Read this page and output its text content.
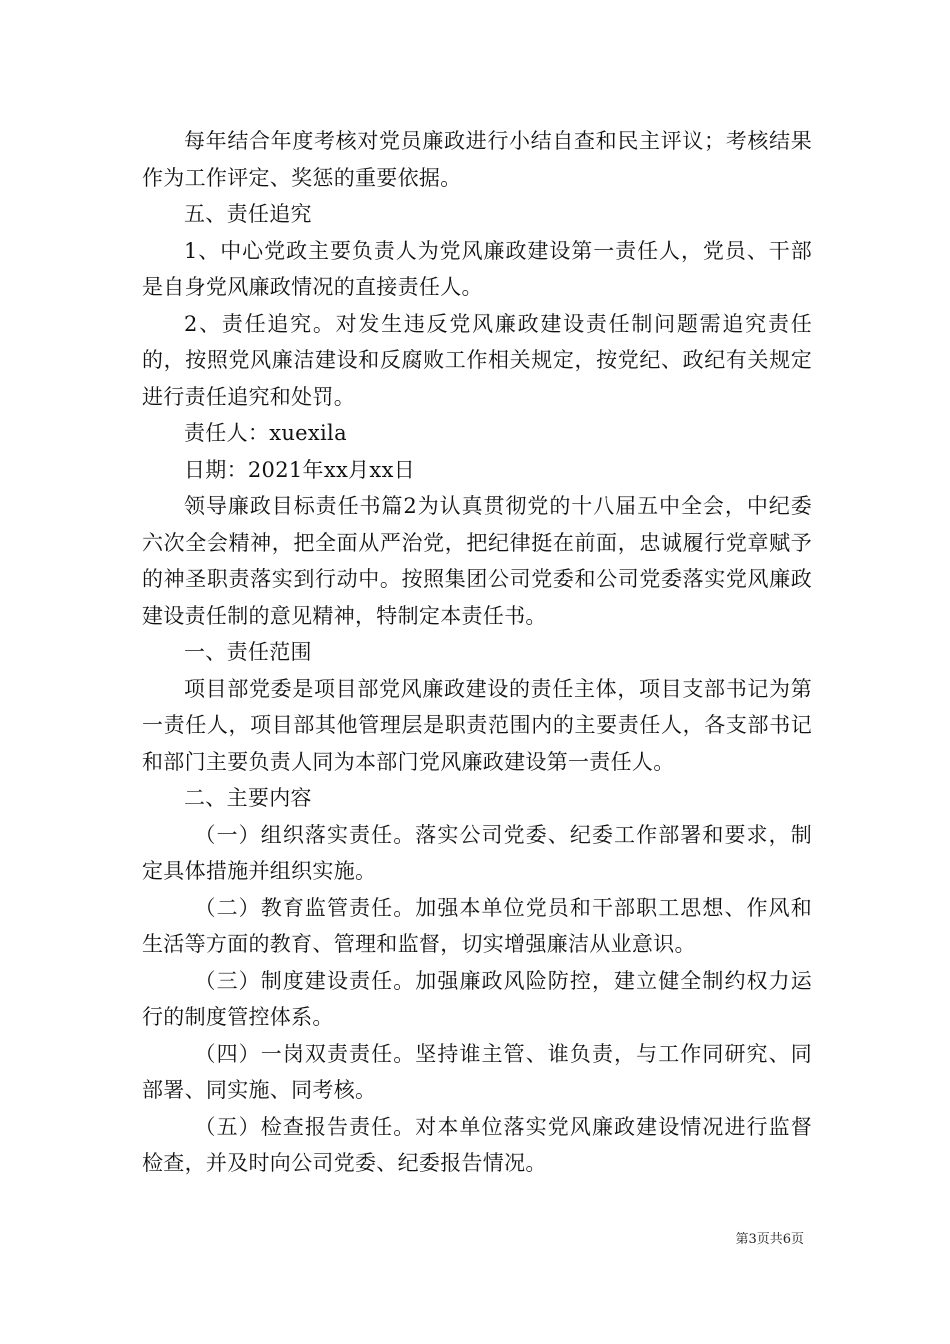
每年结合年度考核对党员廉政进行小结自查和民主评议；考核结果作为工作评定、奖惩的重要依据。

五、责任追究

1、中心党政主要负责人为党风廉政建设第一责任人，党员、干部是自身党风廉政情况的直接责任人。

2、责任追究。对发生违反党风廉政建设责任制问题需追究责任的，按照党风廉洁建设和反腐败工作相关规定，按党纪、政纪有关规定进行责任追究和处罚。

责任人：xuexila

日期：2021年xx月xx日

领导廉政目标责任书篇2为认真贯彻党的十八届五中全会，中纪委六次全会精神，把全面从严治党，把纪律挺在前面，忠诚履行党章赋予的神圣职责落实到行动中。按照集团公司党委和公司党委落实党风廉政建设责任制的意见精神，特制定本责任书。

一、责任范围

项目部党委是项目部党风廉政建设的责任主体，项目支部书记为第一责任人，项目部其他管理层是职责范围内的主要责任人，各支部书记和部门主要负责人同为本部门党风廉政建设第一责任人。

二、主要内容

（一）组织落实责任。落实公司党委、纪委工作部署和要求，制定具体措施并组织实施。

（二）教育监管责任。加强本单位党员和干部职工思想、作风和生活等方面的教育、管理和监督，切实增强廉洁从业意识。

（三）制度建设责任。加强廉政风险防控，建立健全制约权力运行的制度管控体系。

（四）一岗双责责任。坚持谁主管、谁负责，与工作同研究、同部署、同实施、同考核。

（五）检查报告责任。对本单位落实党风廉政建设情况进行监督检查，并及时向公司党委、纪委报告情况。

第3页共6页
